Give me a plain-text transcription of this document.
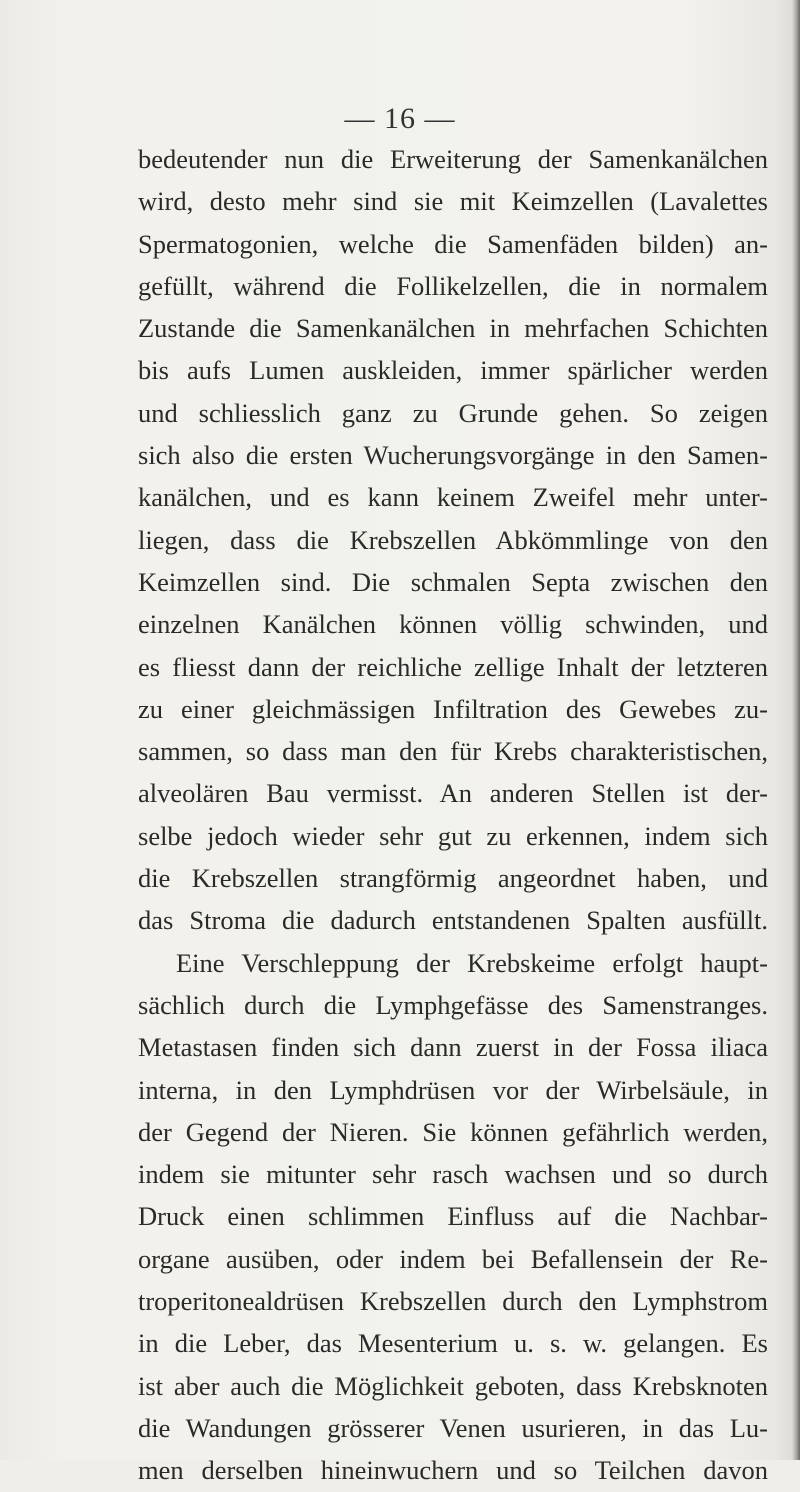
— 16 —
bedeutender nun die Erweiterung der Samenkanälchen
wird, desto mehr sind sie mit Keimzellen (Lavalettes
Spermatogonien, welche die Samenfäden bilden) an-
gefüllt, während die Follikelzellen, die in normalem
Zustande die Samenkanälchen in mehrfachen Schichten
bis aufs Lumen auskleiden, immer spärlicher werden
und schliesslich ganz zu Grunde gehen. So zeigen
sich also die ersten Wucherungsvorgänge in den Samen-
kanälchen, und es kann keinem Zweifel mehr unter-
liegen, dass die Krebszellen Abkömmlinge von den
Keimzellen sind. Die schmalen Septa zwischen den
einzelnen Kanälchen können völlig schwinden, und
es fliesst dann der reichliche zellige Inhalt der letzteren
zu einer gleichmässigen Infiltration des Gewebes zu-
sammen, so dass man den für Krebs charakteristischen,
alveolären Bau vermisst. An anderen Stellen ist der-
selbe jedoch wieder sehr gut zu erkennen, indem sich
die Krebszellen strangförmig angeordnet haben, und
das Stroma die dadurch entstandenen Spalten ausfüllt.
Eine Verschleppung der Krebskeime erfolgt haupt-
sächlich durch die Lymphgefässe des Samenstranges.
Metastasen finden sich dann zuerst in der Fossa iliaca
interna, in den Lymphdrüsen vor der Wirbelsäule, in
der Gegend der Nieren. Sie können gefährlich werden,
indem sie mitunter sehr rasch wachsen und so durch
Druck einen schlimmen Einfluss auf die Nachbar-
organe ausüben, oder indem bei Befallensein der Re-
troperitonealdrüsen Krebszellen durch den Lymphstrom
in die Leber, das Mesenterium u. s. w. gelangen. Es
ist aber auch die Möglichkeit geboten, dass Krebsknoten
die Wandungen grösserer Venen usurieren, in das Lu-
men derselben hineinwuchern und so Teilchen davon
